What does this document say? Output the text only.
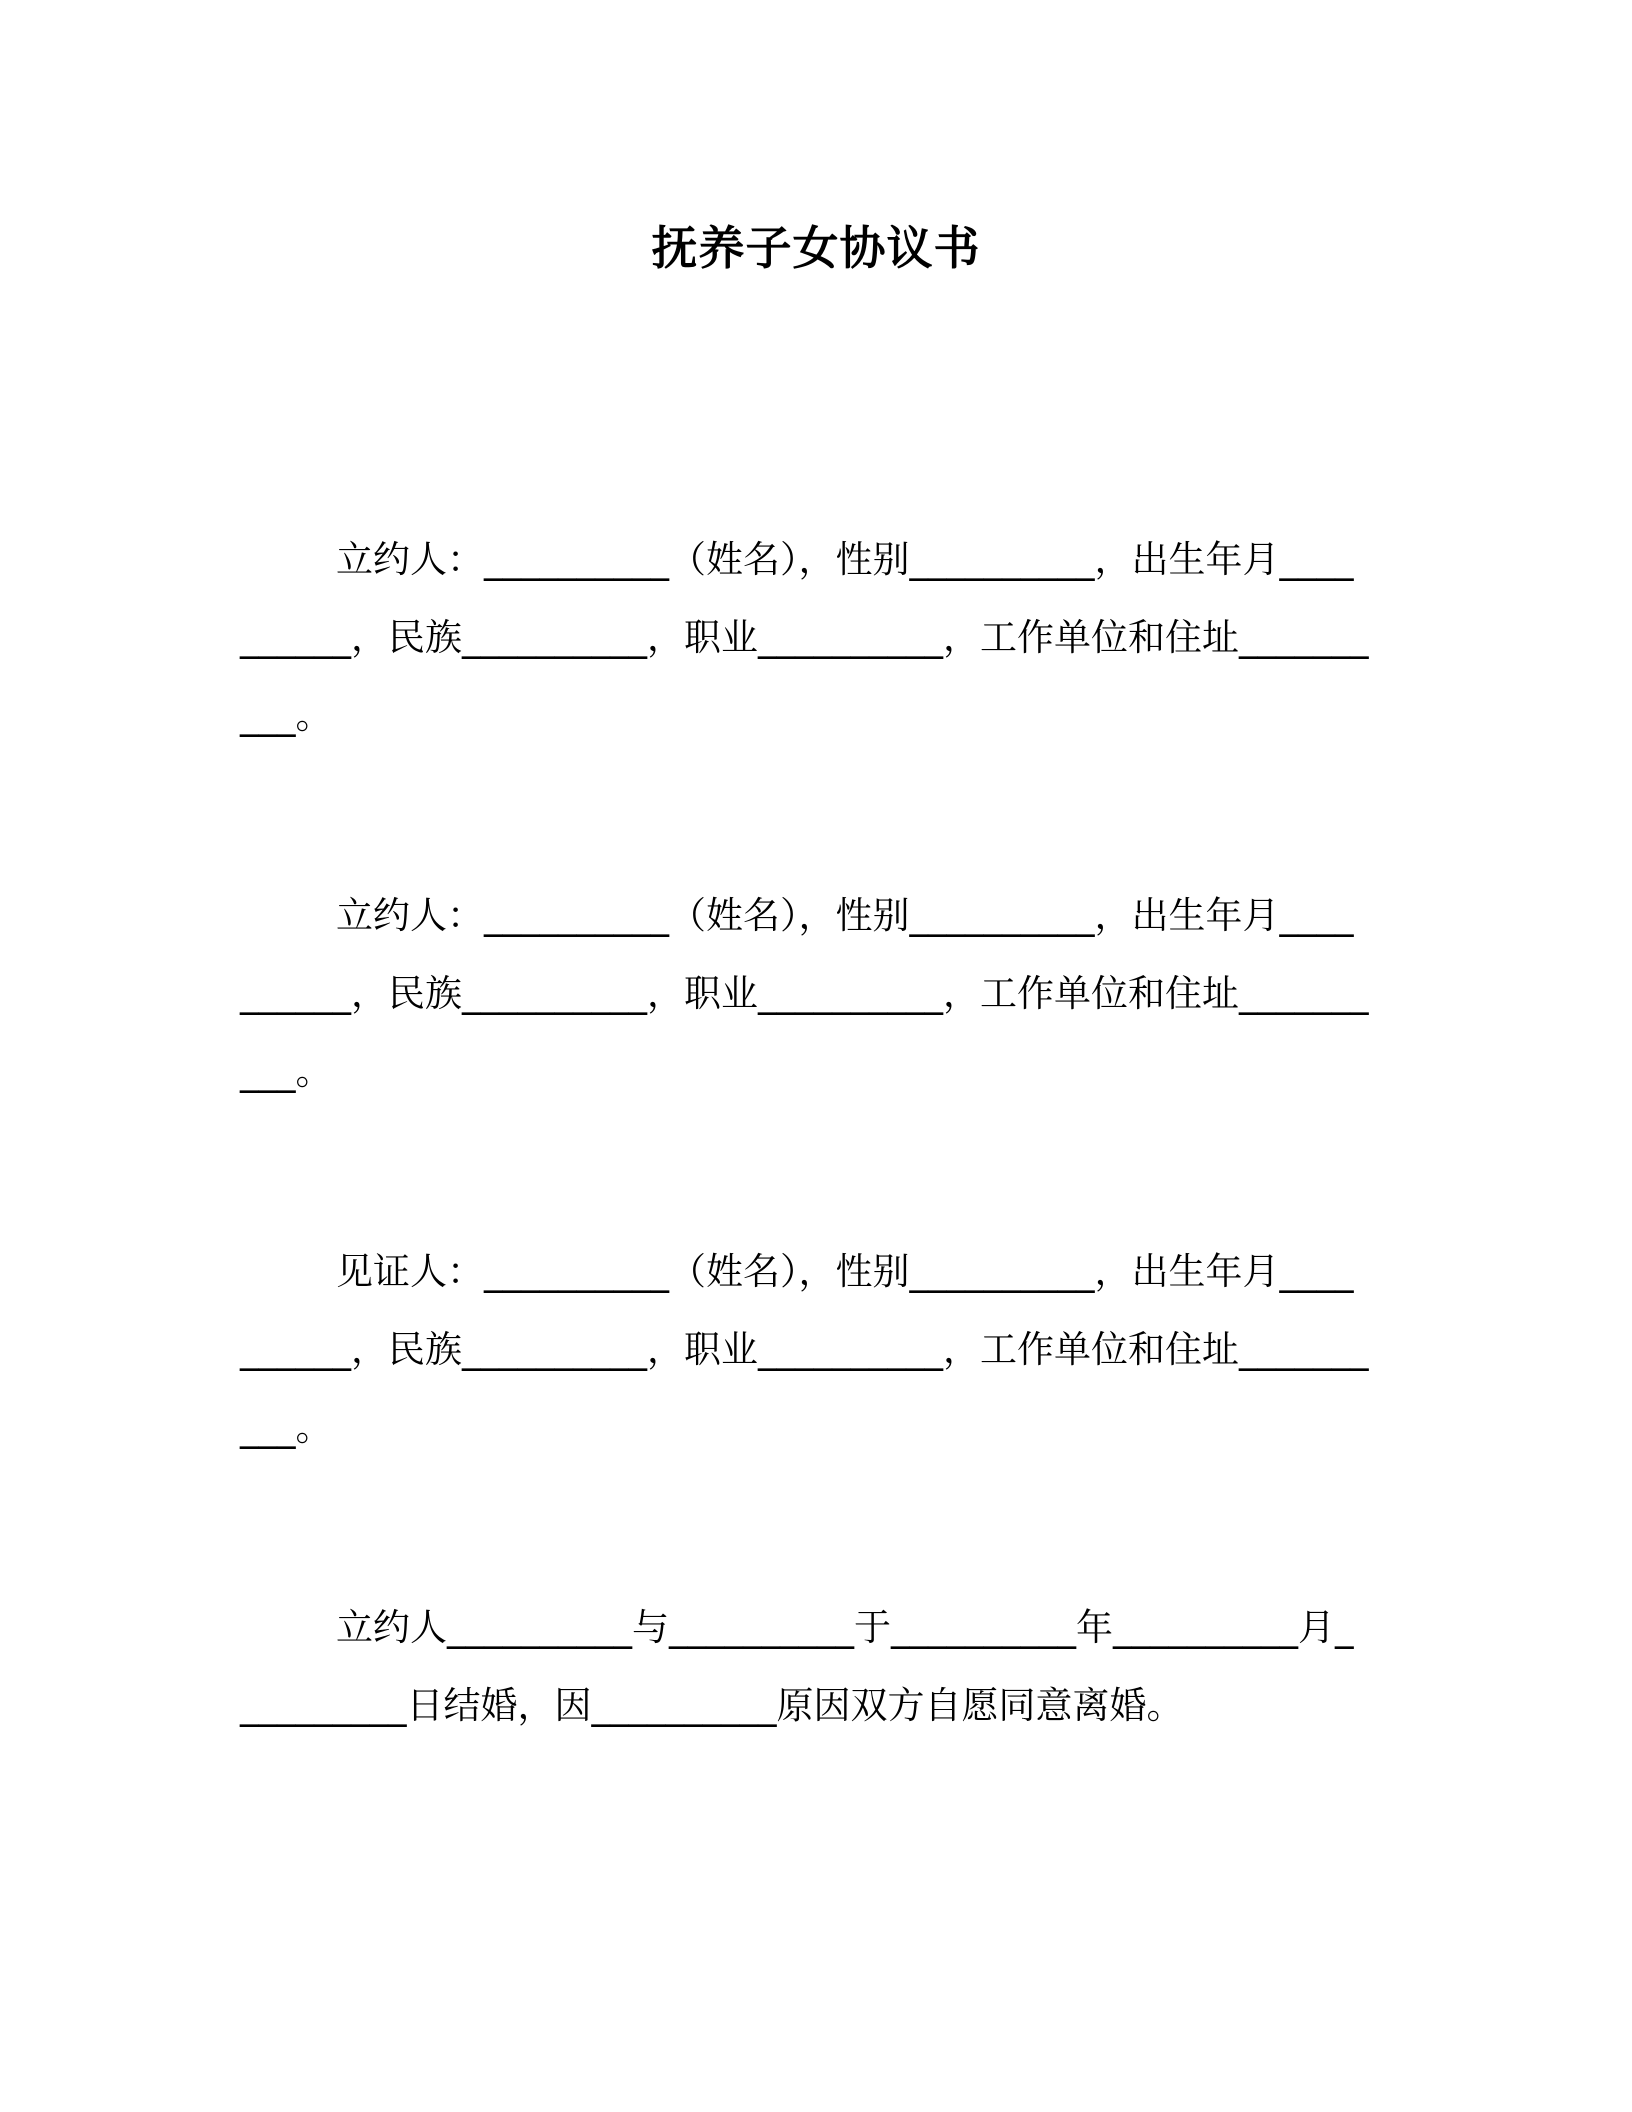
抚养子女协议书

立约人：__________（姓名），性别__________，出生年月__________，民族__________，职业__________，工作单位和住址__________。

立约人：__________（姓名），性别__________，出生年月__________，民族__________，职业__________，工作单位和住址__________。

见证人：__________（姓名），性别__________，出生年月__________，民族__________，职业__________，工作单位和住址__________。

立约人__________与__________于__________年__________月__________日结婚，因__________原因双方自愿同意离婚。
